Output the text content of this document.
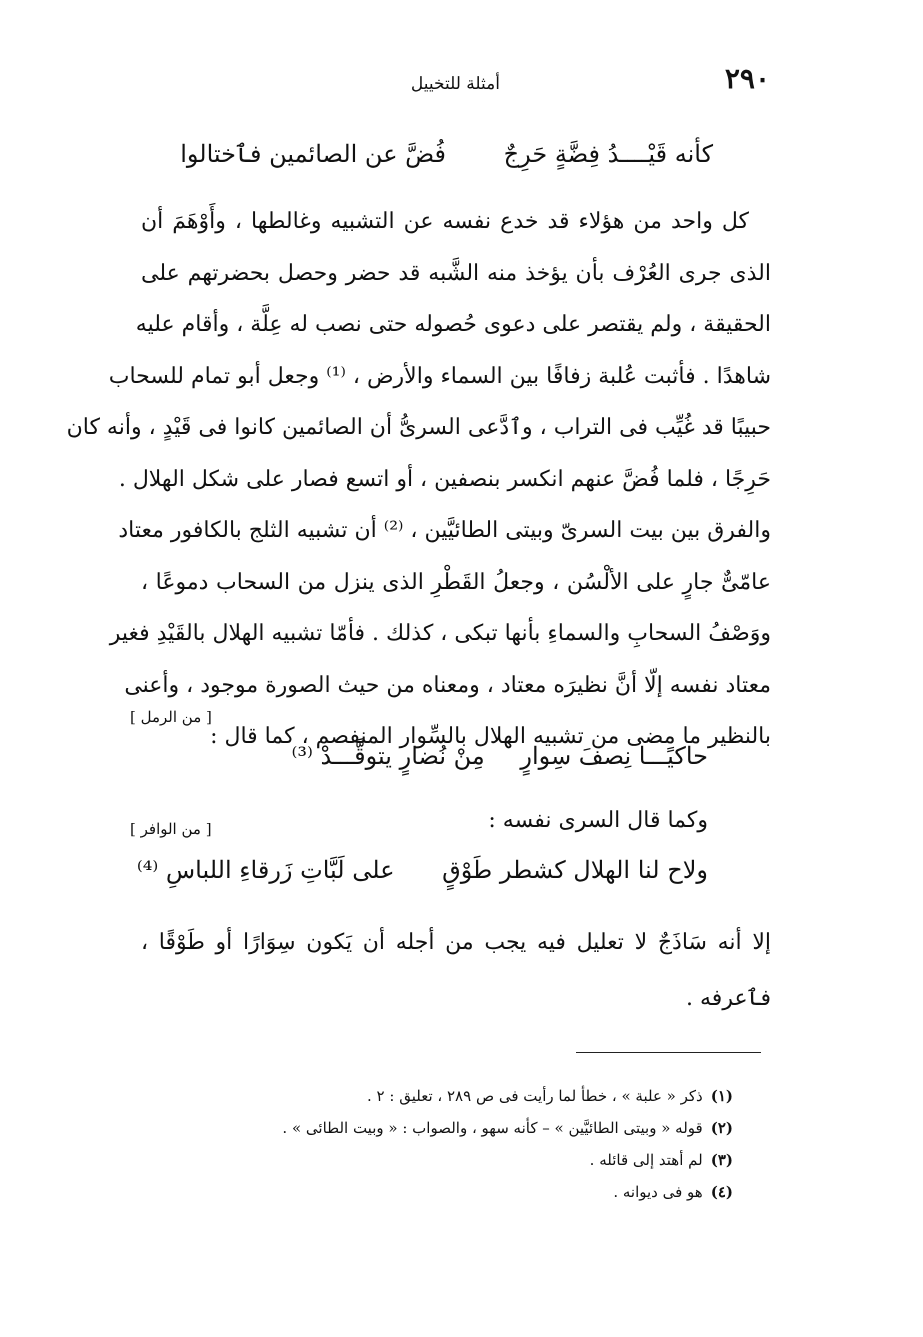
٢٩٠
أمثلة للتخييل
كأنه قَيْــــدُ فِضَّةٍ حَرِجٌ فُضَّ عن الصائمين فٱختالوا
كل واحد من هؤلاء قد خدع نفسه عن التشبيه وغالطها ، وأَوْهَمَ أن
الذى جرى العُرْف بأن يؤخذ منه الشَّبه قد حضر وحصل بحضرتهم على
الحقيقة ، ولم يقتصر على دعوى حُصوله حتى نصب له عِلَّة ، وأقام عليه
شاهدًا . فأثبت عُلبة زفافًا بين السماء والأرض ، ⁽¹⁾ وجعل أبو تمام للسحاب
حبيبًا قد غُيِّب فى التراب ، وٱدَّعى السرىُّ أن الصائمين كانوا فى قَيْدٍ ، وأنه كان
حَرِجًا ، فلما فُضَّ عنهم انكسر بنصفين ، أو اتسع فصار على شكل الهلال .
والفرق بين بيت السرىّ وبيتى الطائيَّين ، ⁽²⁾ أن تشبيه الثلج بالكافور معتاد
عامّىٌّ جارٍ على الألْسُن ، وجعلُ القَطْرِ الذى ينزل من السحاب دموعًا ،
ووَصْفُ السحابِ والسماءِ بأنها تبكى ، كذلك . فأمّا تشبيه الهلال بالقَيْدِ فغير
معتاد نفسه إلّا أنَّ نظيرَه معتاد ، ومعناه من حيث الصورة موجود ، وأعنى
بالنظير ما مضى من تشبيه الهلال بالسِّوار المنفصم ، كما قال :
[ من الرمل ]
حاكيًـــا نِصفَ سِوارٍ مِنْ نُضارٍ يتوقَّـــدْ ⁽³⁾
وكما قال السرى نفسه :
[ من الوافر ]
ولاح لنا الهلال كشطر طَوْقٍ على لَبَّاتِ زَرقاءِ اللباسِ ⁽⁴⁾
إلا أنه سَاذَجٌ لا تعليل فيه يجب من أجله أن يَكون سِوَارًا أو طَوْقًا ،
فٱعرفه .
(١)ذكر « علبة » ، خطأ لما رأيت فى ص ٢٨٩ ، تعليق : ٢ .
(٢)قوله « وبيتى الطائيَّين » – كأنه سهو ، والصواب : « وبيت الطائى » .
(٣)لم أهتد إلى قائله .
(٤)هو فى ديوانه .
